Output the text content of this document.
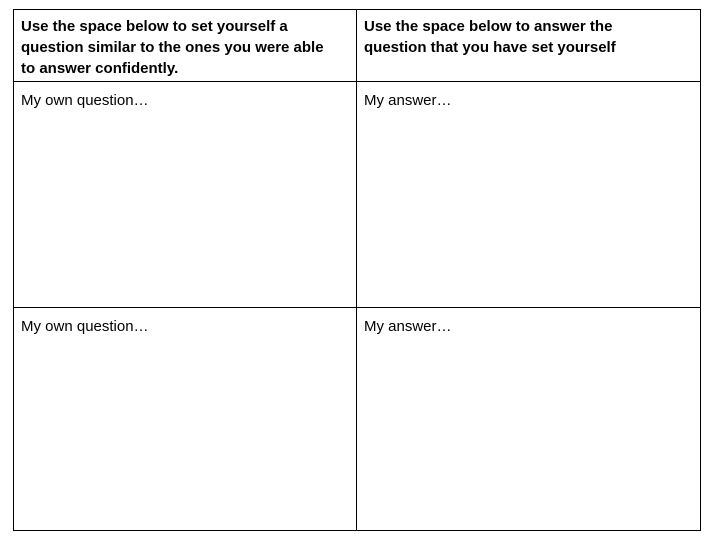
Use the space below to set yourself a
question similar to the ones you were able
to answer confidently.
Use the space below to answer the
question that you have set yourself
My own question…	My answer…
My own question…	My answer…
